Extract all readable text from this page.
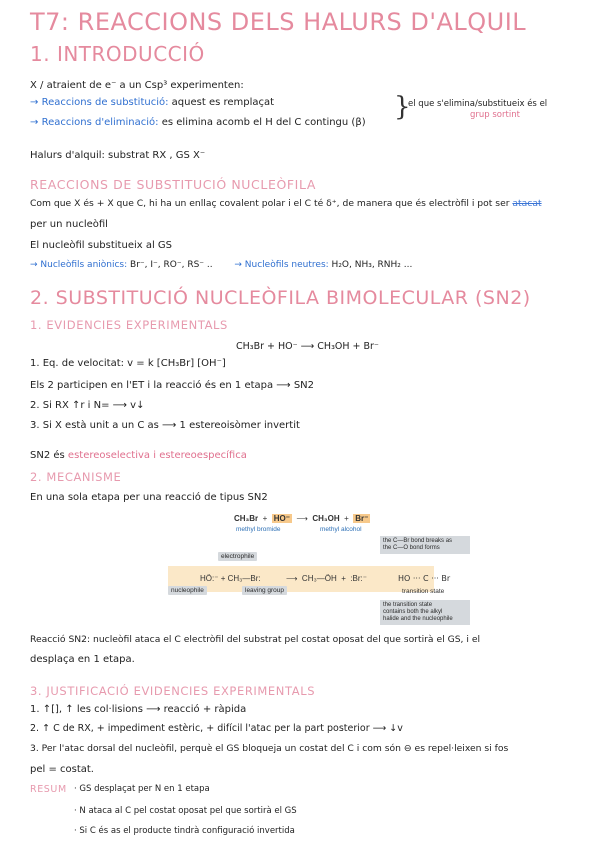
T7: REACCIONS DELS HALURS D'ALQUIL
1. INTRODUCCIÓ
X / atraient de e⁻ a un Csp³ experimenten:
→ Reaccions de substitució: aquest es remplaçat
→ Reaccions d'eliminació: es elimina acomb el H del C contingu (β)
}
el que s'elimina/substitueix és el
grup sortint
Halurs d'alquil: substrat RX , GS X⁻
REACCIONS DE SUBSTITUCIÓ NUCLEÒFILA
Com que X és + X que C, hi ha un enllaç covalent polar i el C té δ⁺, de manera que és electròfil i pot ser atacat
per un nucleòfil
El nucleòfil substitueix al GS
→ Nucleòfils aniònics: Br⁻, I⁻, RO⁻, RS⁻ .. → Nucleòfils neutres: H₂O, NH₃, RNH₂ ...
2. SUBSTITUCIÓ NUCLEÒFILA BIMOLECULAR (SN2)
1. EVIDENCIES EXPERIMENTALS
CH₃Br + HO⁻ ⟶ CH₃OH + Br⁻
1. Eq. de velocitat: v = k [CH₃Br] [OH⁻]
Els 2 participen en l'ET i la reacció és en 1 etapa ⟶ SN2
2. Si RX ↑r i N= ⟶ v↓
3. Si X està unit a un C as ⟶ 1 estereoisòmer invertit
SN2 és estereoselectiva i estereoespecífica
2. MECANISME
En una sola etapa per una reacció de tipus SN2
CH₃Br + HO⁻ ⟶ CH₃OH + Br⁻
methyl bromide	methyl alcohol
electrophile
HÖ:⁻ + CH₃—Br:	⟶ CH₃—ÖH + :Br:⁻
nucleophile	leaving group
the C—Br bond breaks as
the C—O bond forms
HO ··· C ··· Br
transition state
the transition state
contains both the alkyl
halide and the nucleophile
Reacció SN2: nucleòfil ataca el C electròfil del substrat pel costat oposat del que sortirà el GS, i el
desplaça en 1 etapa.
3. JUSTIFICACIÓ EVIDENCIES EXPERIMENTALS
1. ↑[], ↑ les col·lisions ⟶ reacció + ràpida
2. ↑ C de RX, + impediment estèric, + difícil l'atac per la part posterior ⟶ ↓v
3. Per l'atac dorsal del nucleòfil, perquè el GS bloqueja un costat del C i com són ⊖ es repel·leixen si fos
pel = costat.
RESUM · GS desplaçat per N en 1 etapa
· N ataca al C pel costat oposat pel que sortirà el GS
· Si C és as el producte tindrà configuració invertida
